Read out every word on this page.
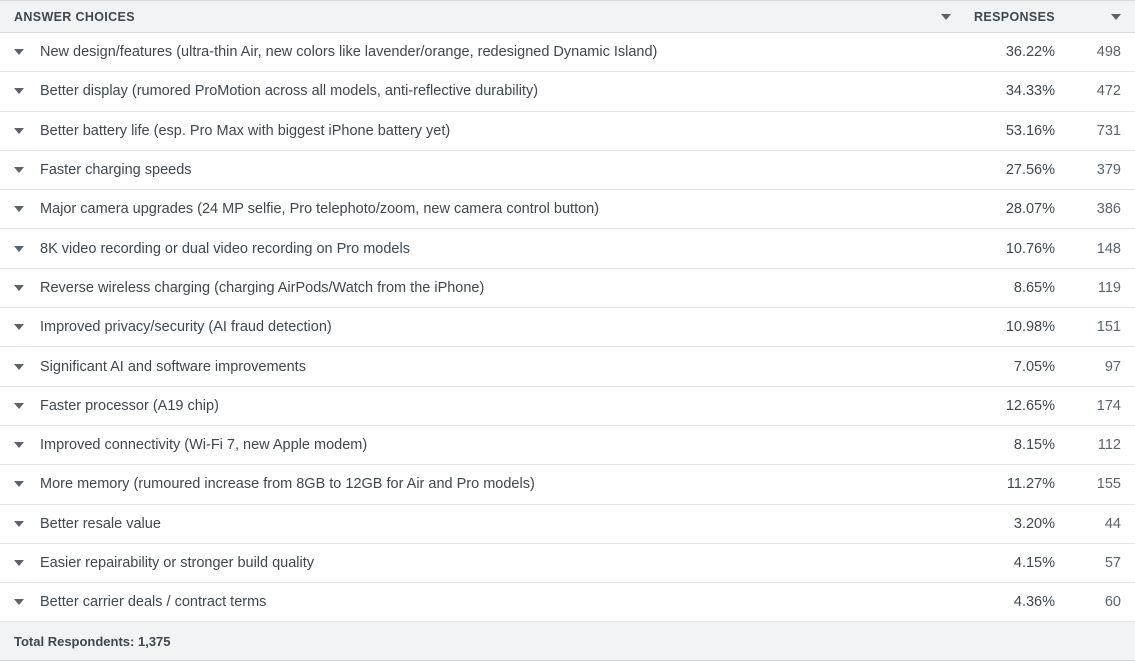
ANSWER CHOICES	RESPONSES	

New design/features (ultra-thin Air, new colors like lavender/orange, redesigned Dynamic Island)	36.22%	498

Better display (rumored ProMotion across all models, anti-reflective durability)	34.33%	472

Better battery life (esp. Pro Max with biggest iPhone battery yet)	53.16%	731

Faster charging speeds	27.56%	379

Major camera upgrades (24 MP selfie, Pro telephoto/zoom, new camera control button)	28.07%	386

8K video recording or dual video recording on Pro models	10.76%	148

Reverse wireless charging (charging AirPods/Watch from the iPhone)	8.65%	119

Improved privacy/security (AI fraud detection)	10.98%	151

Significant AI and software improvements	7.05%	97

Faster processor (A19 chip)	12.65%	174

Improved connectivity (Wi-Fi 7, new Apple modem)	8.15%	112

More memory (rumoured increase from 8GB to 12GB for Air and Pro models)	11.27%	155

Better resale value	3.20%	44

Easier repairability or stronger build quality	4.15%	57

Better carrier deals / contract terms	4.36%	60
Total Respondents: 1,375		
